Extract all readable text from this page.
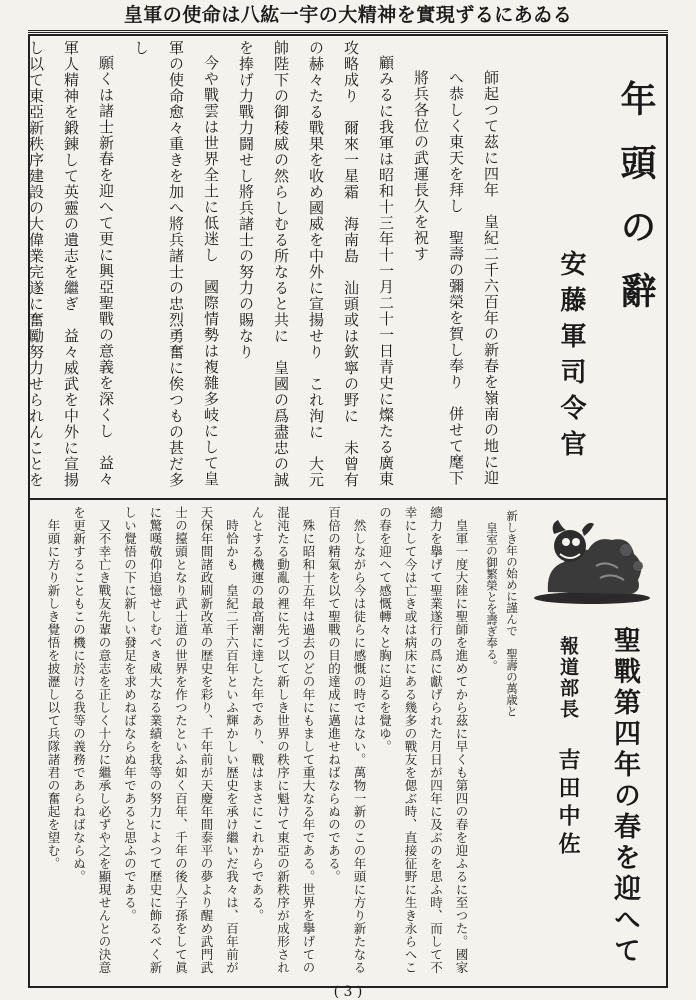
皇軍の使命は八紘一宇の大精神を實現ずるにあゐる
年頭の辭
安藤軍司令官

師起つて茲に四年　皇紀二千六百年の新春を嶺南の地に迎へ恭しく東天を拜し　聖壽の彌榮を賀し奉り　併せて麾下將兵各位の武運長久を祝す

顧みるに我軍は昭和十三年十一月二十一日青史に燦たる廣東攻略成り　爾來一星霜　海南島　汕頭或は欽寧の野に　未曾有の赫々たる戰果を收め國威を中外に宣揚せり　これ洵に　大元帥陛下の御稜威の然らしむる所なると共に　皇國の爲盡忠の誠を捧げ力戰力闘せし將兵諸士の努力の賜なり

今や戰雲は世界全土に低迷し　國際情勢は複雜多岐にして皇軍の使命愈々重きを加へ將兵諸士の忠烈勇奮に俟つもの甚だ多し

願くは諸士新春を迎へて更に興亞聖戰の意義を深くし　益々軍人精神を鍛錬して英靈の遺志を繼ぎ　益々威武を中外に宣揚し以て東亞新秩序建設の大偉業完遂に奮勵努力せられんことを

聖戰第四年の春を迎へて
報道部長吉田中佐
新しき年の始めに謹んで　聖壽の萬歳と
皇室の御繁榮とを壽ぎ奉る。

皇軍一度大陸に聖師を進めてから茲に早くも第四の春を迎ふるに至つた。國家總力を擧げて聖業遂行の爲に獻げられた月日が四年に及ぶのを思ふ時、而して不幸にして今は亡き或は病床にある幾多の戰友を偲ぶ時、直接征野に生き永らへこの春を迎へて感慨轉々と胸に迫るを覺ゆ。

然しながら今は徒らに感慨の時ではない。萬物一新のこの年頭に方り新たなる百倍の精氣を以て聖戰の目的達成に邁進せねばならぬのである。

殊に昭和十五年は過去のどの年にもまして重大なる年である。世界を擧げての混沌たる動亂の裡に先づ以て新しき世界の秩序に魁けて東亞の新秩序が成形されんとする機運の最高潮に達した年であり、戰はまさにこれからである。

時恰かも　皇紀二千六百年といふ輝かしい歴史を承け繼いだ我々は、百年前が天保年間諸政刷新改革の歴史を彩り、千年前が天慶年間泰平の夢より醒め武門武士の擡頭となり武士道の世界を作つたといふ如く百年、千年の後人子孫をして眞に驚嘆敬仰追憶せしむべき威大なる業績を我等の努力によつて歴史に飾るべく新しい覺悟の下に新しい發足を求めねばならぬ年であると思ふのである。

又不幸亡き戰友先輩の意志を正しく十分に繼承し必ずや之を顯現せんとの決意を更新することもこの機に於ける我等の義務であらねばならぬ。

年頭に方り新しき覺悟を披瀝し以て兵隊諸君の奮起を望む。

( 3 )
